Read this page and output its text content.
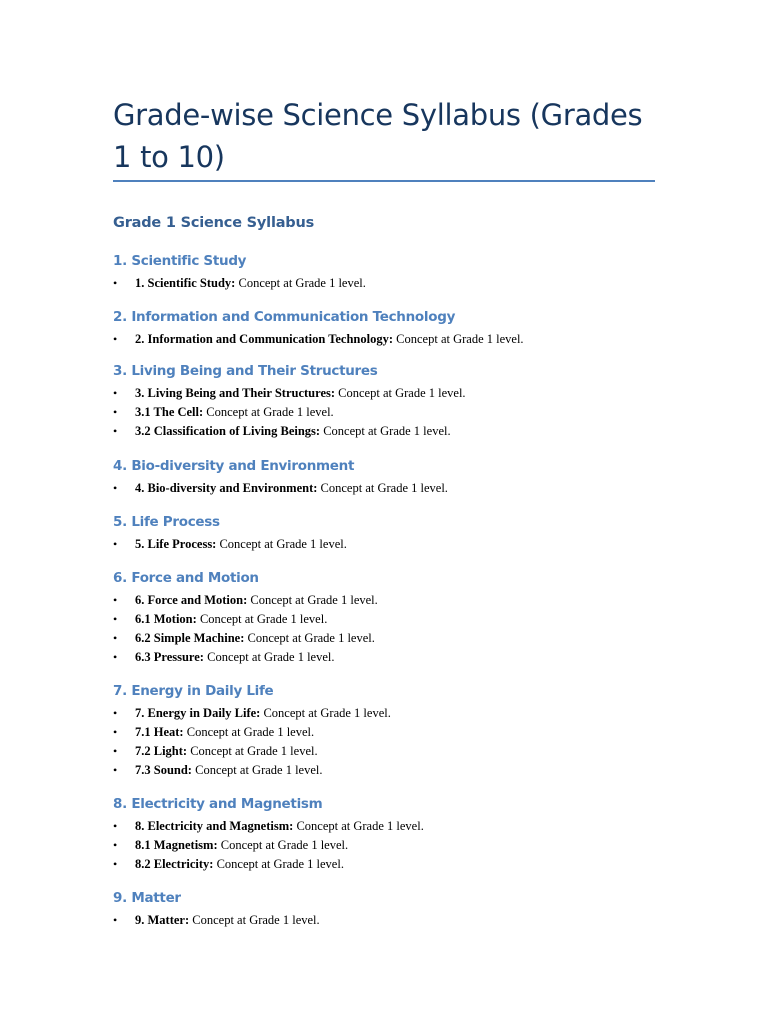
Grade-wise Science Syllabus (Grades 1 to 10)
Grade 1 Science Syllabus
1. Scientific Study
• 1. Scientific Study: Concept at Grade 1 level.
2. Information and Communication Technology
• 2. Information and Communication Technology: Concept at Grade 1 level.
3. Living Being and Their Structures
• 3. Living Being and Their Structures: Concept at Grade 1 level.
• 3.1 The Cell: Concept at Grade 1 level.
• 3.2 Classification of Living Beings: Concept at Grade 1 level.
4. Bio-diversity and Environment
• 4. Bio-diversity and Environment: Concept at Grade 1 level.
5. Life Process
• 5. Life Process: Concept at Grade 1 level.
6. Force and Motion
• 6. Force and Motion: Concept at Grade 1 level.
• 6.1 Motion: Concept at Grade 1 level.
• 6.2 Simple Machine: Concept at Grade 1 level.
• 6.3 Pressure: Concept at Grade 1 level.
7. Energy in Daily Life
• 7. Energy in Daily Life: Concept at Grade 1 level.
• 7.1 Heat: Concept at Grade 1 level.
• 7.2 Light: Concept at Grade 1 level.
• 7.3 Sound: Concept at Grade 1 level.
8. Electricity and Magnetism
• 8. Electricity and Magnetism: Concept at Grade 1 level.
• 8.1 Magnetism: Concept at Grade 1 level.
• 8.2 Electricity: Concept at Grade 1 level.
9. Matter
• 9. Matter: Concept at Grade 1 level.
